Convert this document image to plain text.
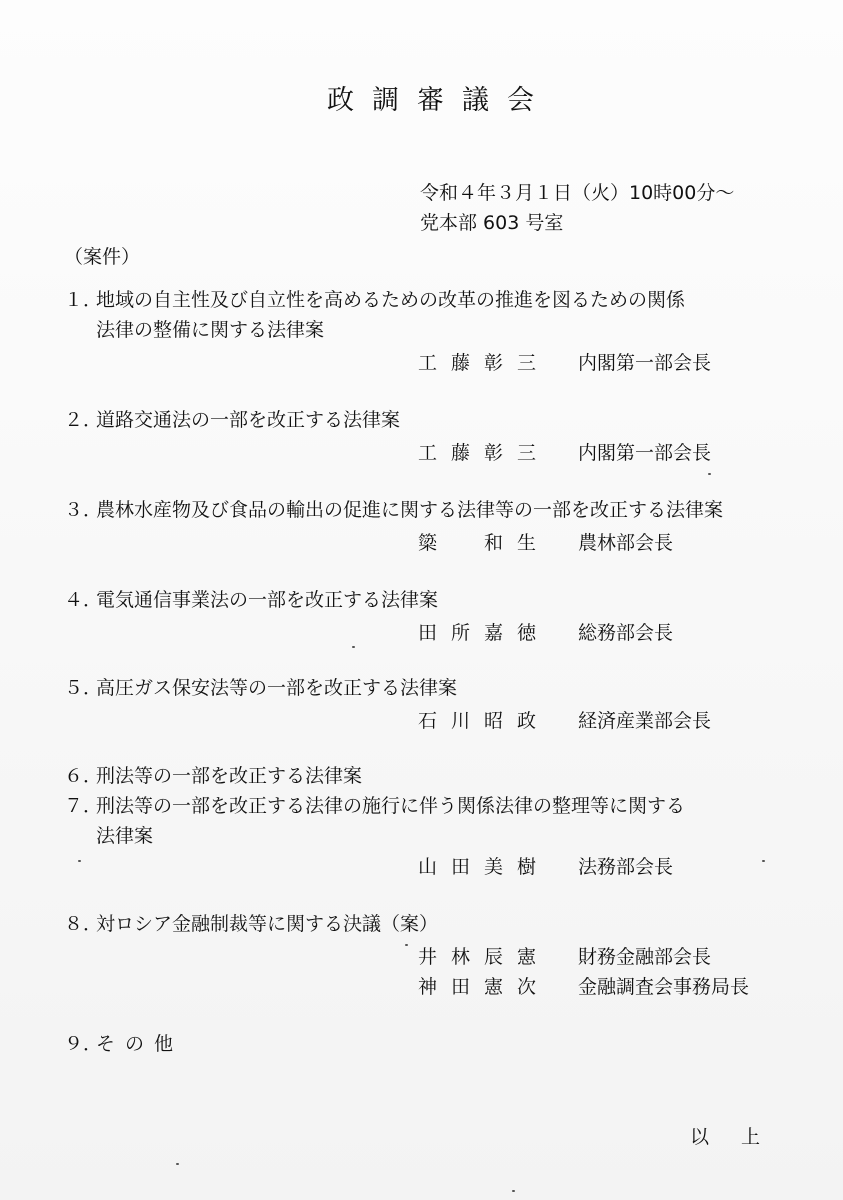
政調審議会
令和４年３月１日（火）10時00分〜
党本部 603 号室
（案件）
１．地域の自主性及び自立性を高めるための改革の推進を図るための関係
法律の整備に関する法律案
工藤彰三 内閣第一部会長
２．道路交通法の一部を改正する法律案
工藤彰三 内閣第一部会長
３．農林水産物及び食品の輸出の促進に関する法律等の一部を改正する法律案
簗　和生 農林部会長
４．電気通信事業法の一部を改正する法律案
田所嘉徳 総務部会長
５．高圧ガス保安法等の一部を改正する法律案
石川昭政 経済産業部会長
６．刑法等の一部を改正する法律案
７．刑法等の一部を改正する法律の施行に伴う関係法律の整理等に関する
法律案
山田美樹 法務部会長
８．対ロシア金融制裁等に関する決議（案）
井林辰憲 財務金融部会長
神田憲次 金融調査会事務局長
９．その他
以上
